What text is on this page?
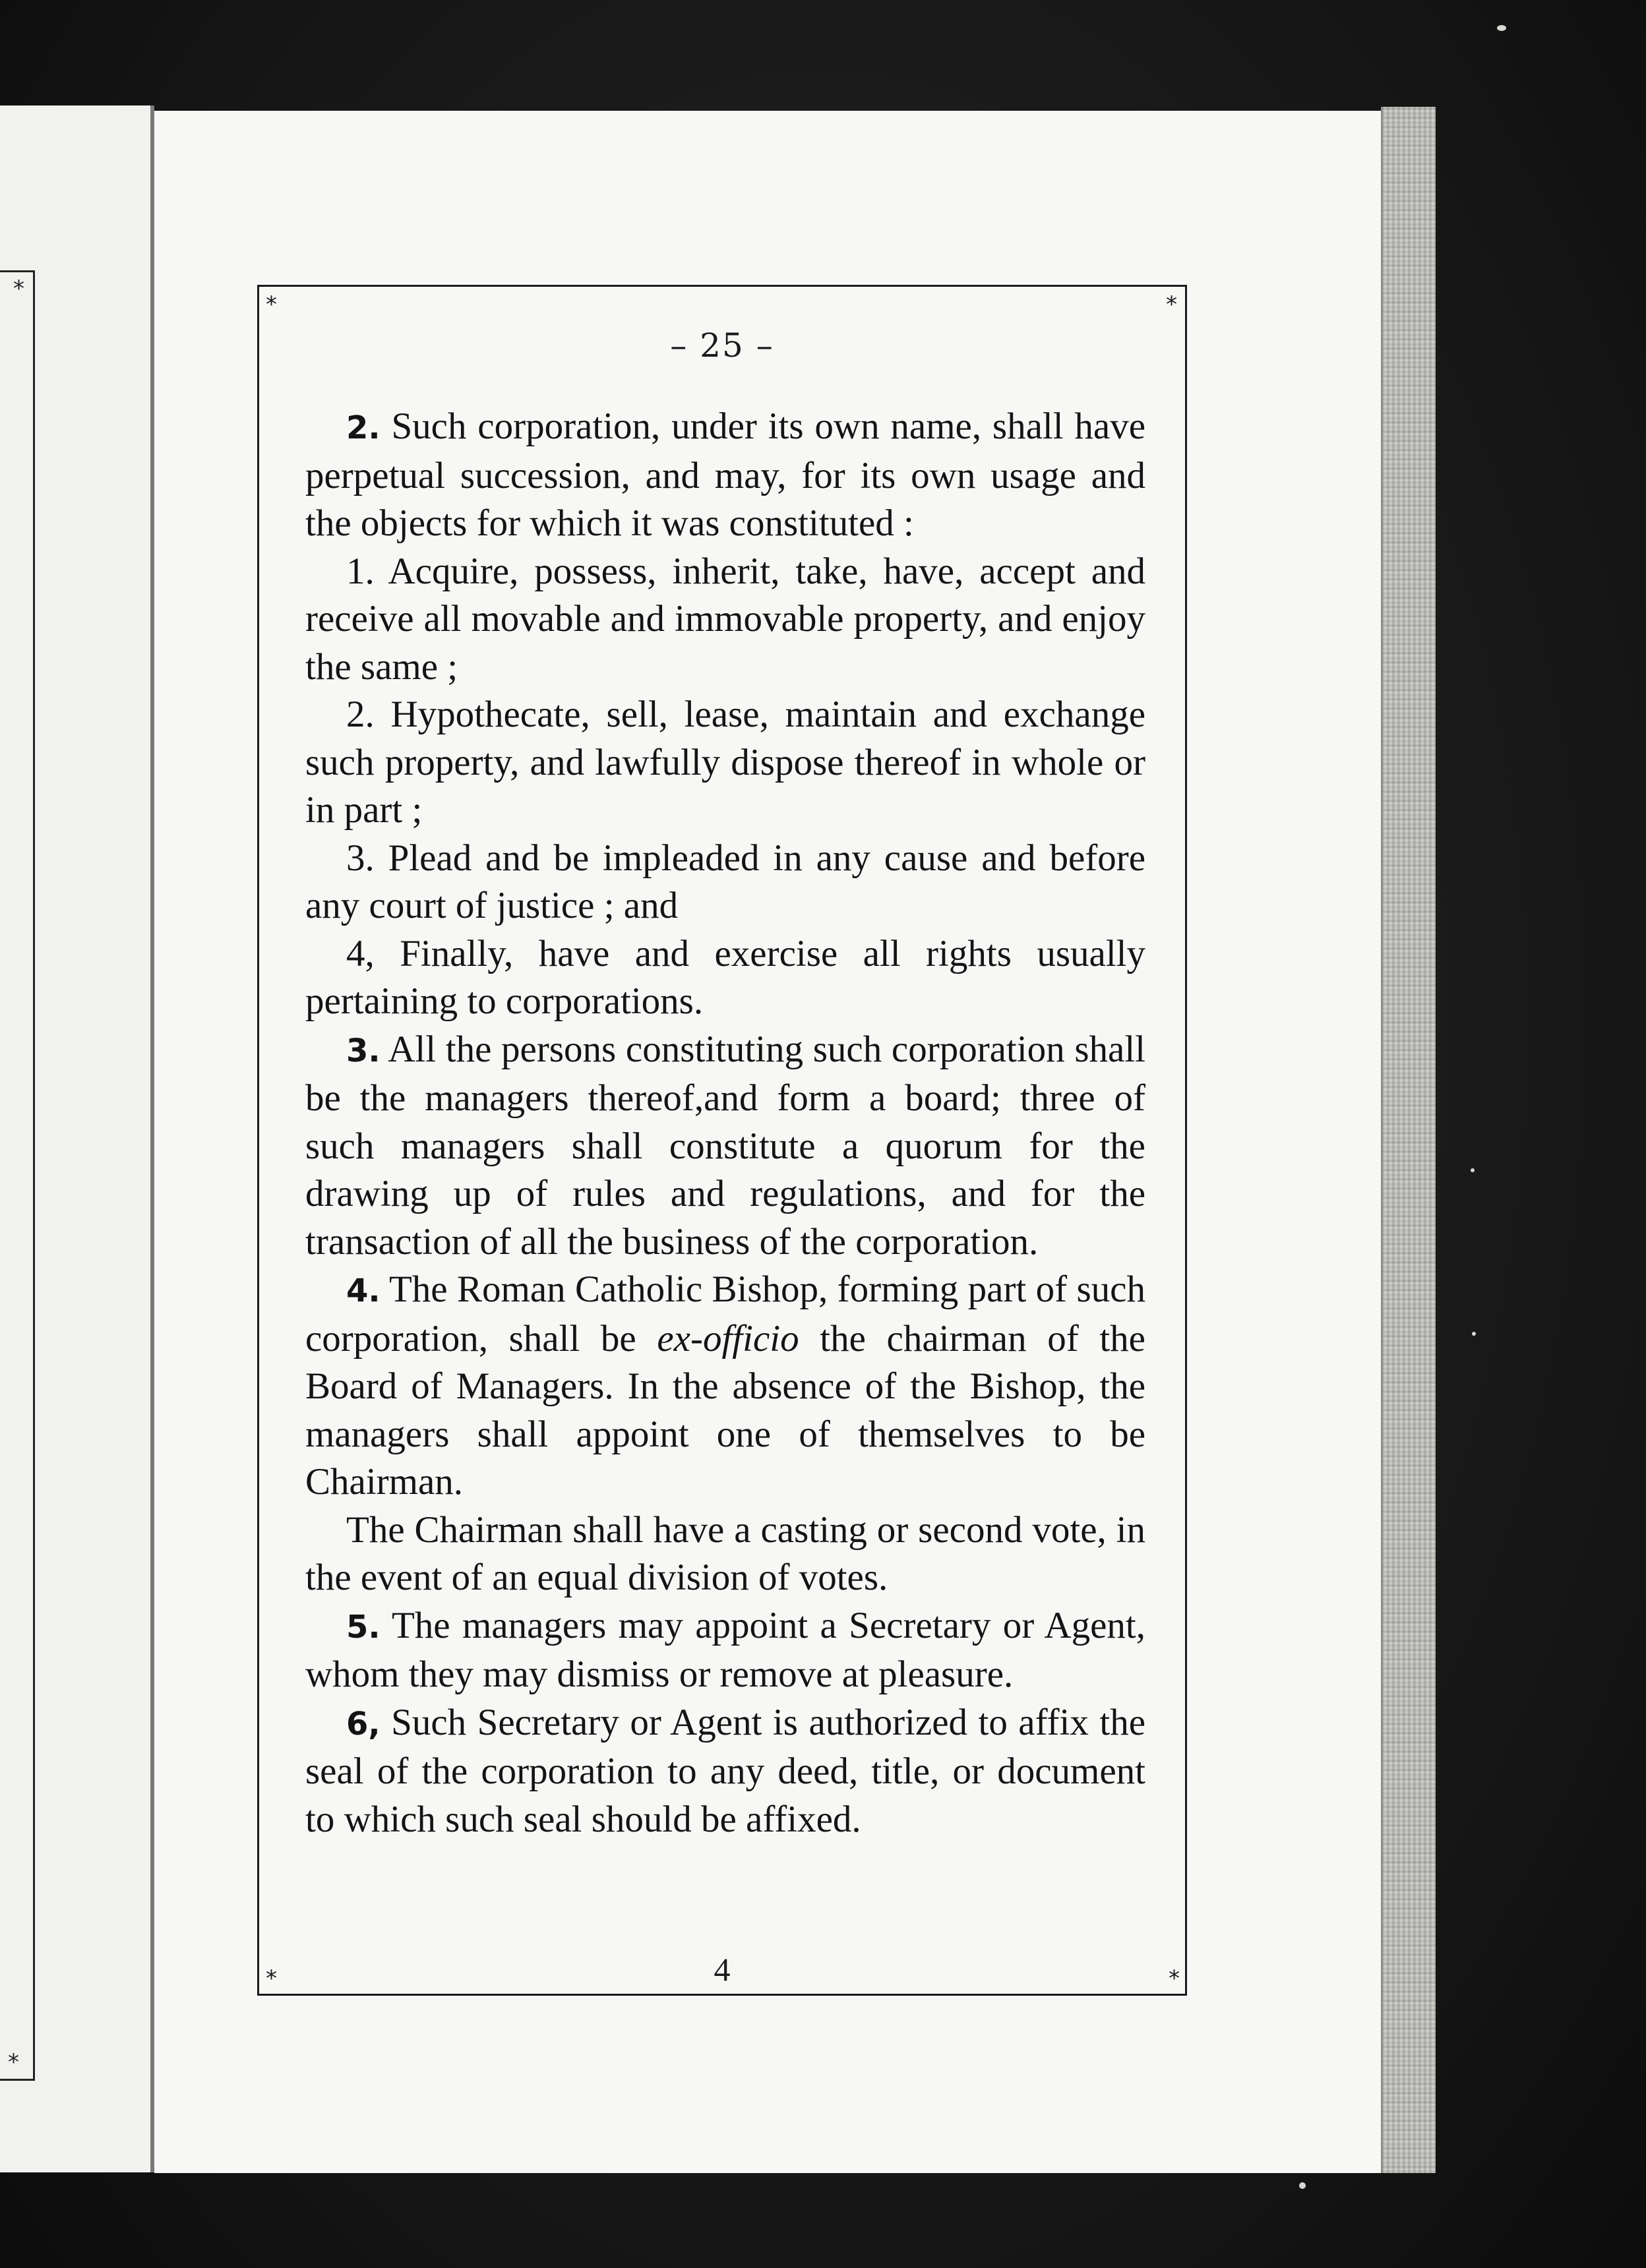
*
*
*	*
*	*
– 25 –

2. Such corporation, under its own name, shall have perpetual succession, and may, for its own usage and the objects for which it was constituted :

1. Acquire, possess, inherit, take, have, accept and receive all movable and immovable property, and enjoy the same ;

2. Hypothecate, sell, lease, maintain and exchange such property, and lawfully dispose thereof in whole or in part ;

3. Plead and be impleaded in any cause and before any court of justice ; and

4, Finally, have and exercise all rights usually pertaining to corporations.

3. All the persons constituting such corporation shall be the managers thereof,and form a board; three of such managers shall constitute a quorum for the drawing up of rules and regulations, and for the transaction of all the business of the corporation.

4. The Roman Catholic Bishop, forming part of such corporation, shall be ex-officio the chairman of the Board of Managers. In the absence of the Bishop, the managers shall appoint one of themselves to be Chairman.

The Chairman shall have a casting or second vote, in the event of an equal division of votes.

5. The managers may appoint a Secretary or Agent, whom they may dismiss or remove at pleasure.

6, Such Secretary or Agent is authorized to affix the seal of the corporation to any deed, title, or document to which such seal should be affixed.

4
